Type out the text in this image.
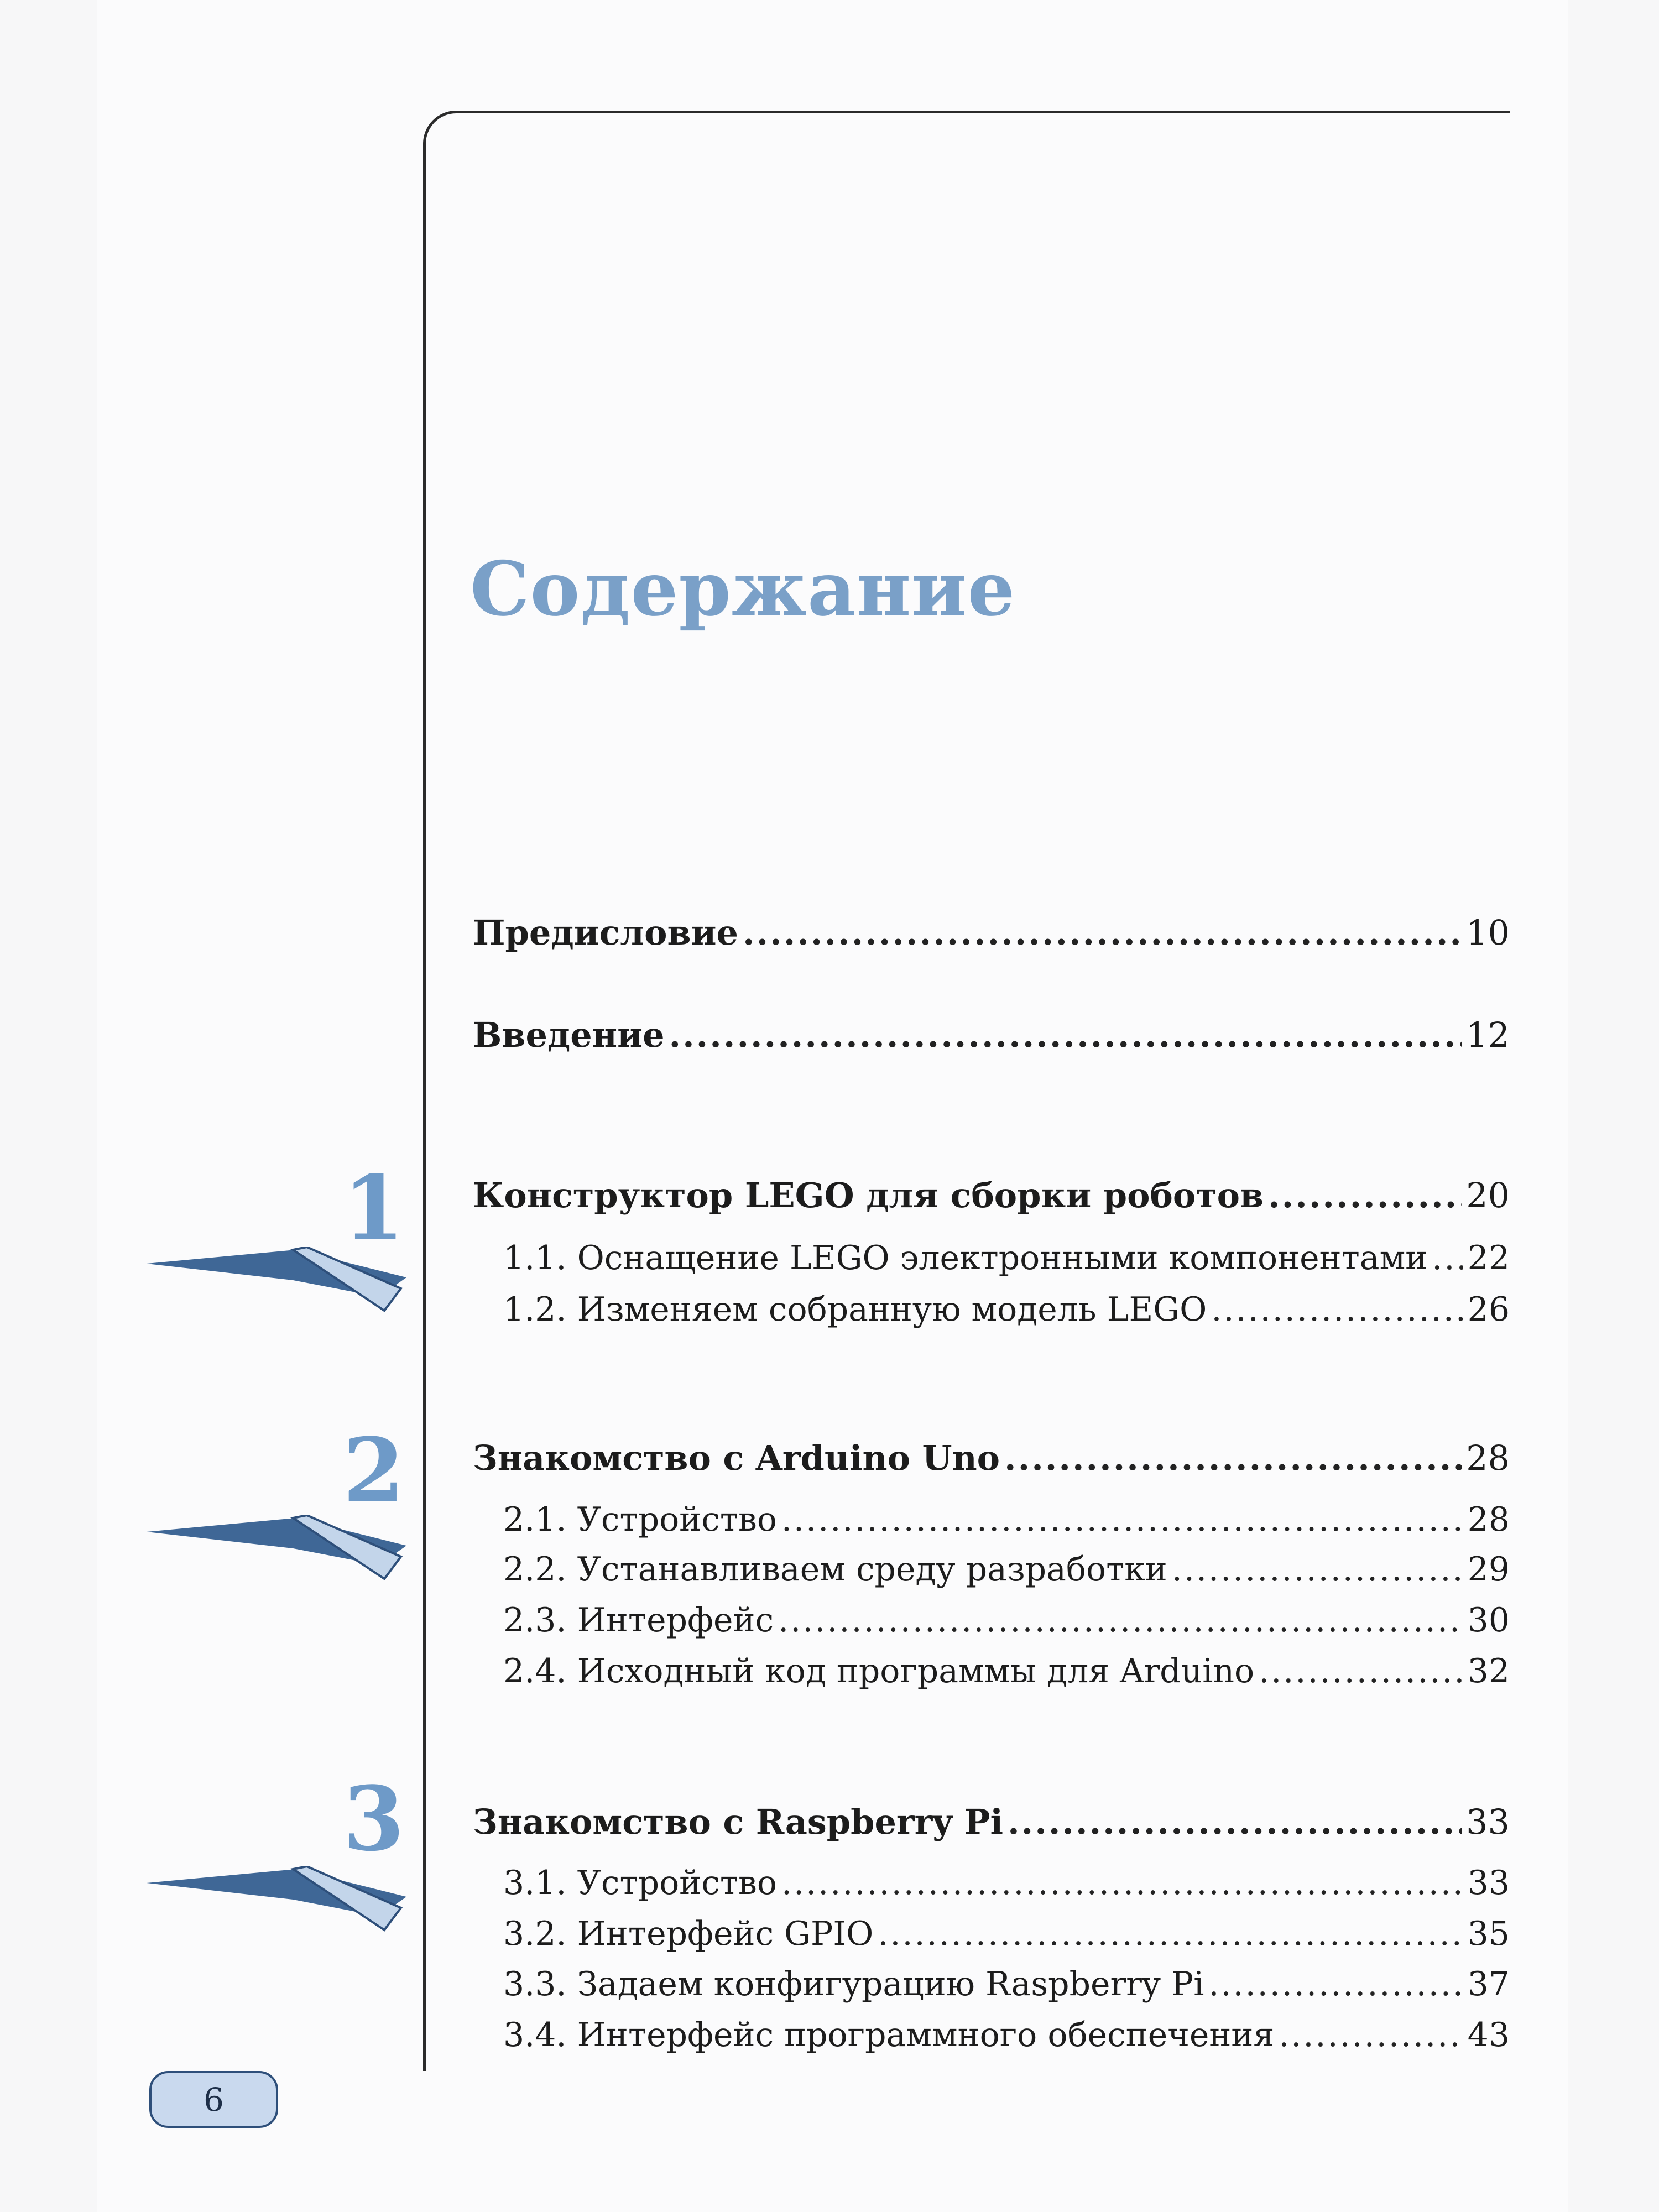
Содержание
Предисловие .....	10
Введение .....	12
1 Конструктор LEGO для сборки роботов .....	20
1.1. Оснащение LEGO электронными компонентами ..... 22
1.2. Изменяем собранную модель LEGO .....	26
2 Знакомство с Arduino Uno .....	28
2.1. Устройство .....	28
2.2. Устанавливаем среду разработки .....	29
2.3. Интерфейс .....	30
2.4. Исходный код программы для Arduino .....	32
3 Знакомство с Raspberry Pi .....	33
3.1. Устройство .....	33
3.2. Интерфейс GPIO .....	35
3.3. Задаем конфигурацию Raspberry Pi .....	37
3.4. Интерфейс программного обеспечения .....	43
6
